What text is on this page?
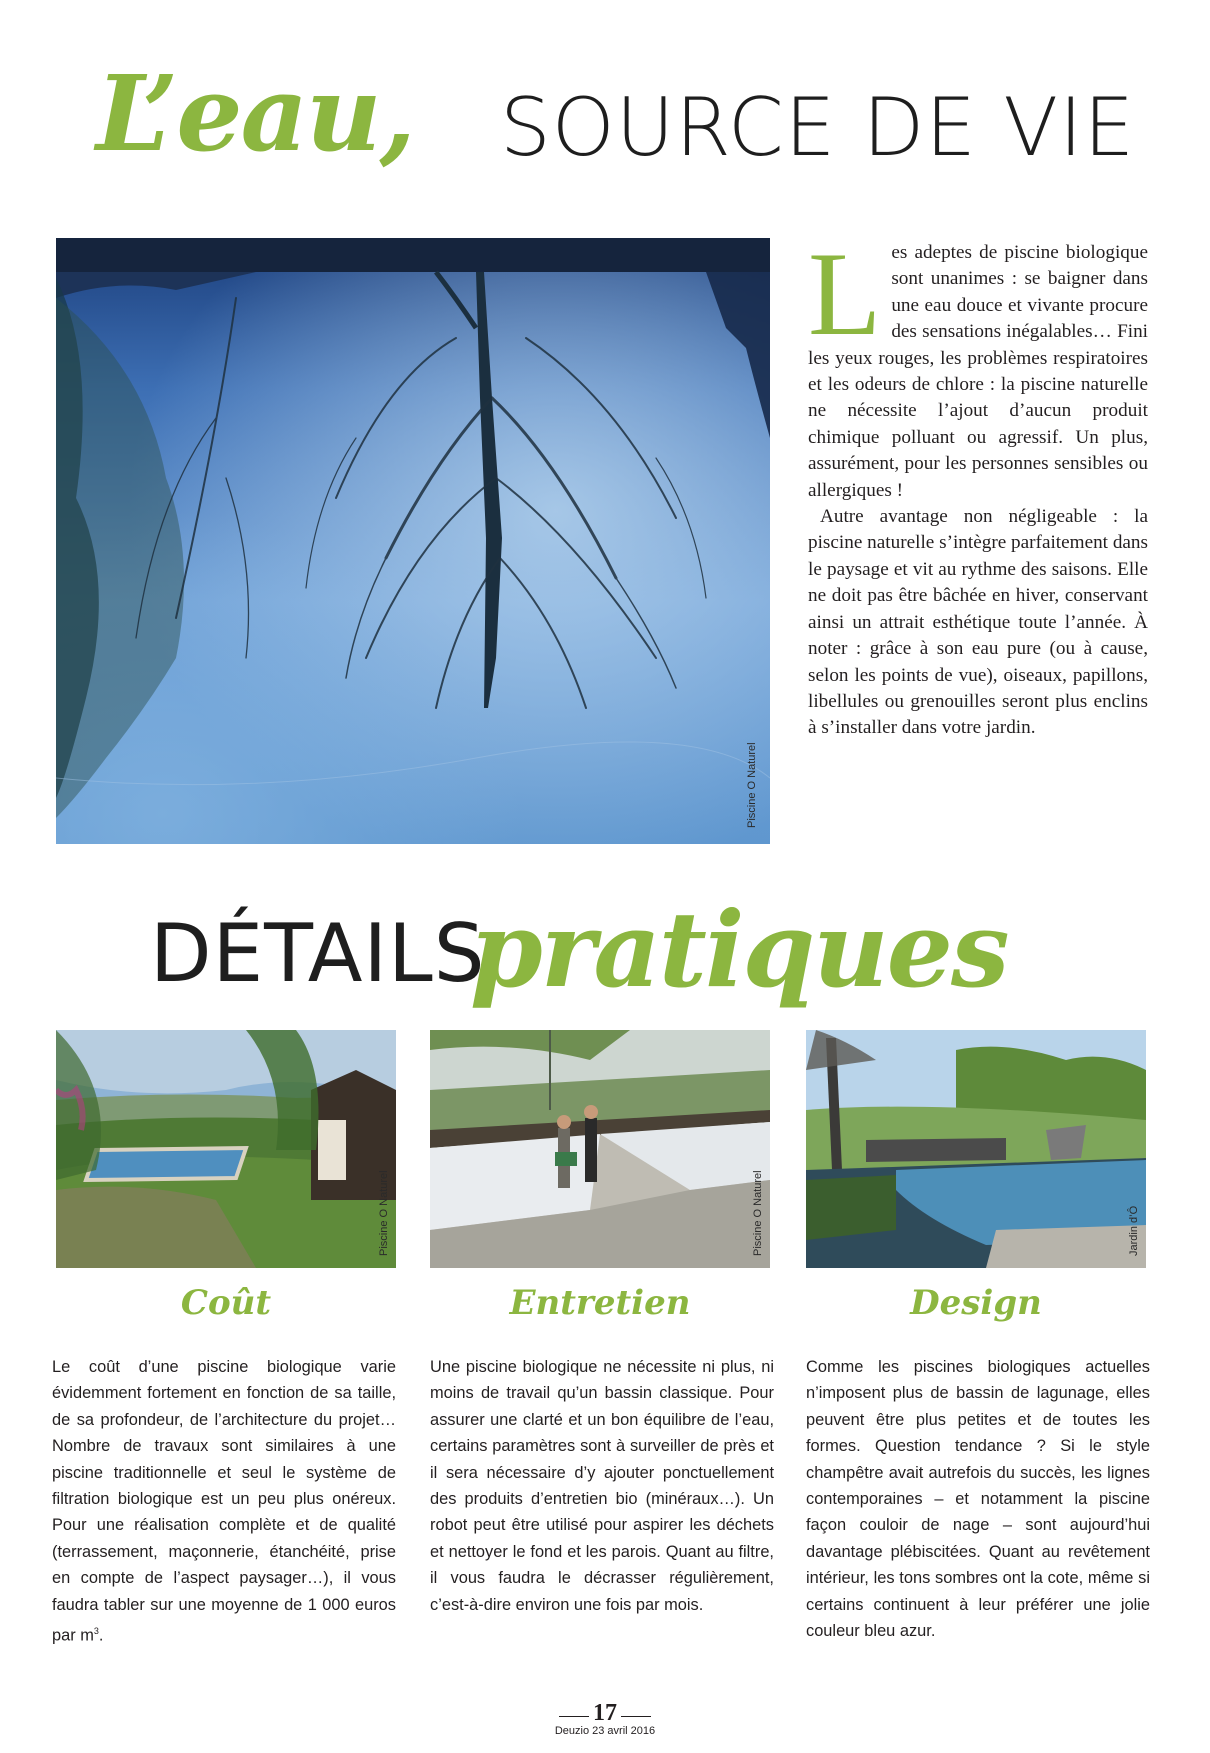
L’eau, SOURCE DE VIE
Piscine O Naturel
L es adeptes de piscine biologique sont unanimes : se baigner dans une eau douce et vivante procure des sensations inégalables… Fini les yeux rouges, les problèmes respiratoires et les odeurs de chlore : la piscine naturelle ne nécessite l’ajout d’aucun produit chimique polluant ou agressif. Un plus, assurément, pour les personnes sensibles ou allergiques !

Autre avantage non négligeable : la piscine naturelle s’intègre parfaitement dans le paysage et vit au rythme des saisons. Elle ne doit pas être bâchée en hiver, conservant ainsi un attrait esthétique toute l’année. À noter : grâce à son eau pure (ou à cause, selon les points de vue), oiseaux, papillons, libellules ou grenouilles seront plus enclins à s’installer dans votre jardin.

DÉTAILS
pratiques
Piscine O Naturel
Coût
Le coût d’une piscine biologique varie évidemment fortement en fonction de sa taille, de sa profondeur, de l’architecture du projet… Nombre de travaux sont similaires à une piscine traditionnelle et seul le système de filtration biologique est un peu plus onéreux. Pour une réalisation complète et de qualité (terrassement, maçonnerie, étanchéité, prise en compte de l’aspect paysager…), il vous faudra tabler sur une moyenne de 1 000 euros par $m^3$.
Piscine O Naturel
Entretien
Une piscine biologique ne nécessite ni plus, ni moins de travail qu’un bassin classique. Pour assurer une clarté et un bon équilibre de l’eau, certains paramètres sont à surveiller de près et il sera nécessaire d’y ajouter ponctuellement des produits d’entretien bio (minéraux…). Un robot peut être utilisé pour aspirer les déchets et nettoyer le fond et les parois. Quant au filtre, il vous faudra le décrasser régulièrement, c’est-à-dire environ une fois par mois.
Jardin d’Ô
Design
Comme les piscines biologiques actuelles n’imposent plus de bassin de lagunage, elles peuvent être plus petites et de toutes les formes. Question tendance ? Si le style champêtre avait autrefois du succès, les lignes contemporaines – et notamment la piscine façon couloir de nage – sont aujourd’hui davantage plébiscitées. Quant au revêtement intérieur, les tons sombres ont la cote, même si certains continuent à leur préférer une jolie couleur bleu azur.
17
Deuzio 23 avril 2016
